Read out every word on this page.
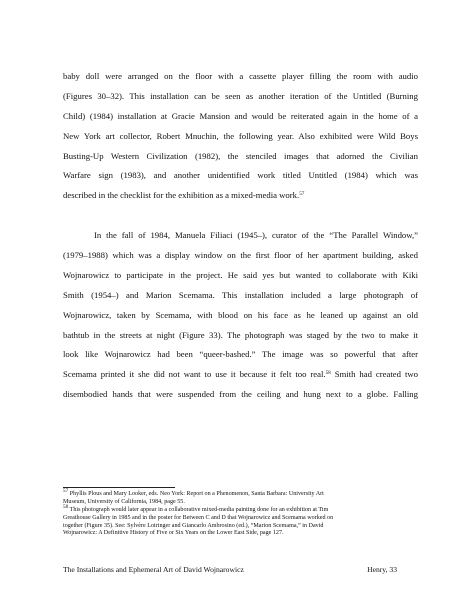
baby doll were arranged on the floor with a cassette player filling the room with audio
(Figures 30–32). This installation can be seen as another iteration of the Untitled (Burning
Child) (1984) installation at Gracie Mansion and would be reiterated again in the home of a
New York art collector, Robert Mnuchin, the following year. Also exhibited were Wild Boys
Busting-Up Western Civilization (1982), the stenciled images that adorned the Civilian
Warfare sign (1983), and another unidentified work titled Untitled (1984) which was
described in the checklist for the exhibition as a mixed-media work.$^{57}$
In the fall of 1984, Manuela Filiaci (1945–), curator of the “The Parallel Window,”
(1979–1988) which was a display window on the first floor of her apartment building, asked
Wojnarowicz to participate in the project. He said yes but wanted to collaborate with Kiki
Smith (1954–) and Marion Scemama. This installation included a large photograph of
Wojnarowicz, taken by Scemama, with blood on his face as he leaned up against an old
bathtub in the streets at night (Figure 33). The photograph was staged by the two to make it
look like Wojnarowicz had been “queer-bashed.” The image was so powerful that after
Scemama printed it she did not want to use it because it felt too real.$^{58}$ Smith had created two
disembodied hands that were suspended from the ceiling and hung next to a globe. Falling
$^{57}$ Phyllis Plous and Mary Looker, eds. Neo York: Report on a Phenomenon, Santa Barbara: University Art
Museum, University of California, 1984, page 55.
$^{58}$ This photograph would later appear in a collaborative mixed-media painting done for an exhibition at Tim
Greathouse Gallery in 1985 and in the poster for Between C and D that Wojnarowicz and Scemama worked on
together (Figure 35). See: Sylvère Lotringer and Giancarlo Ambrosino (ed.), “Marion Scemama,” in David
Wojnarowicz: A Definitive History of Five or Six Years on the Lower East Side, page 127.
The Installations and Ephemeral Art of David Wojnarowicz	Henry, 33
